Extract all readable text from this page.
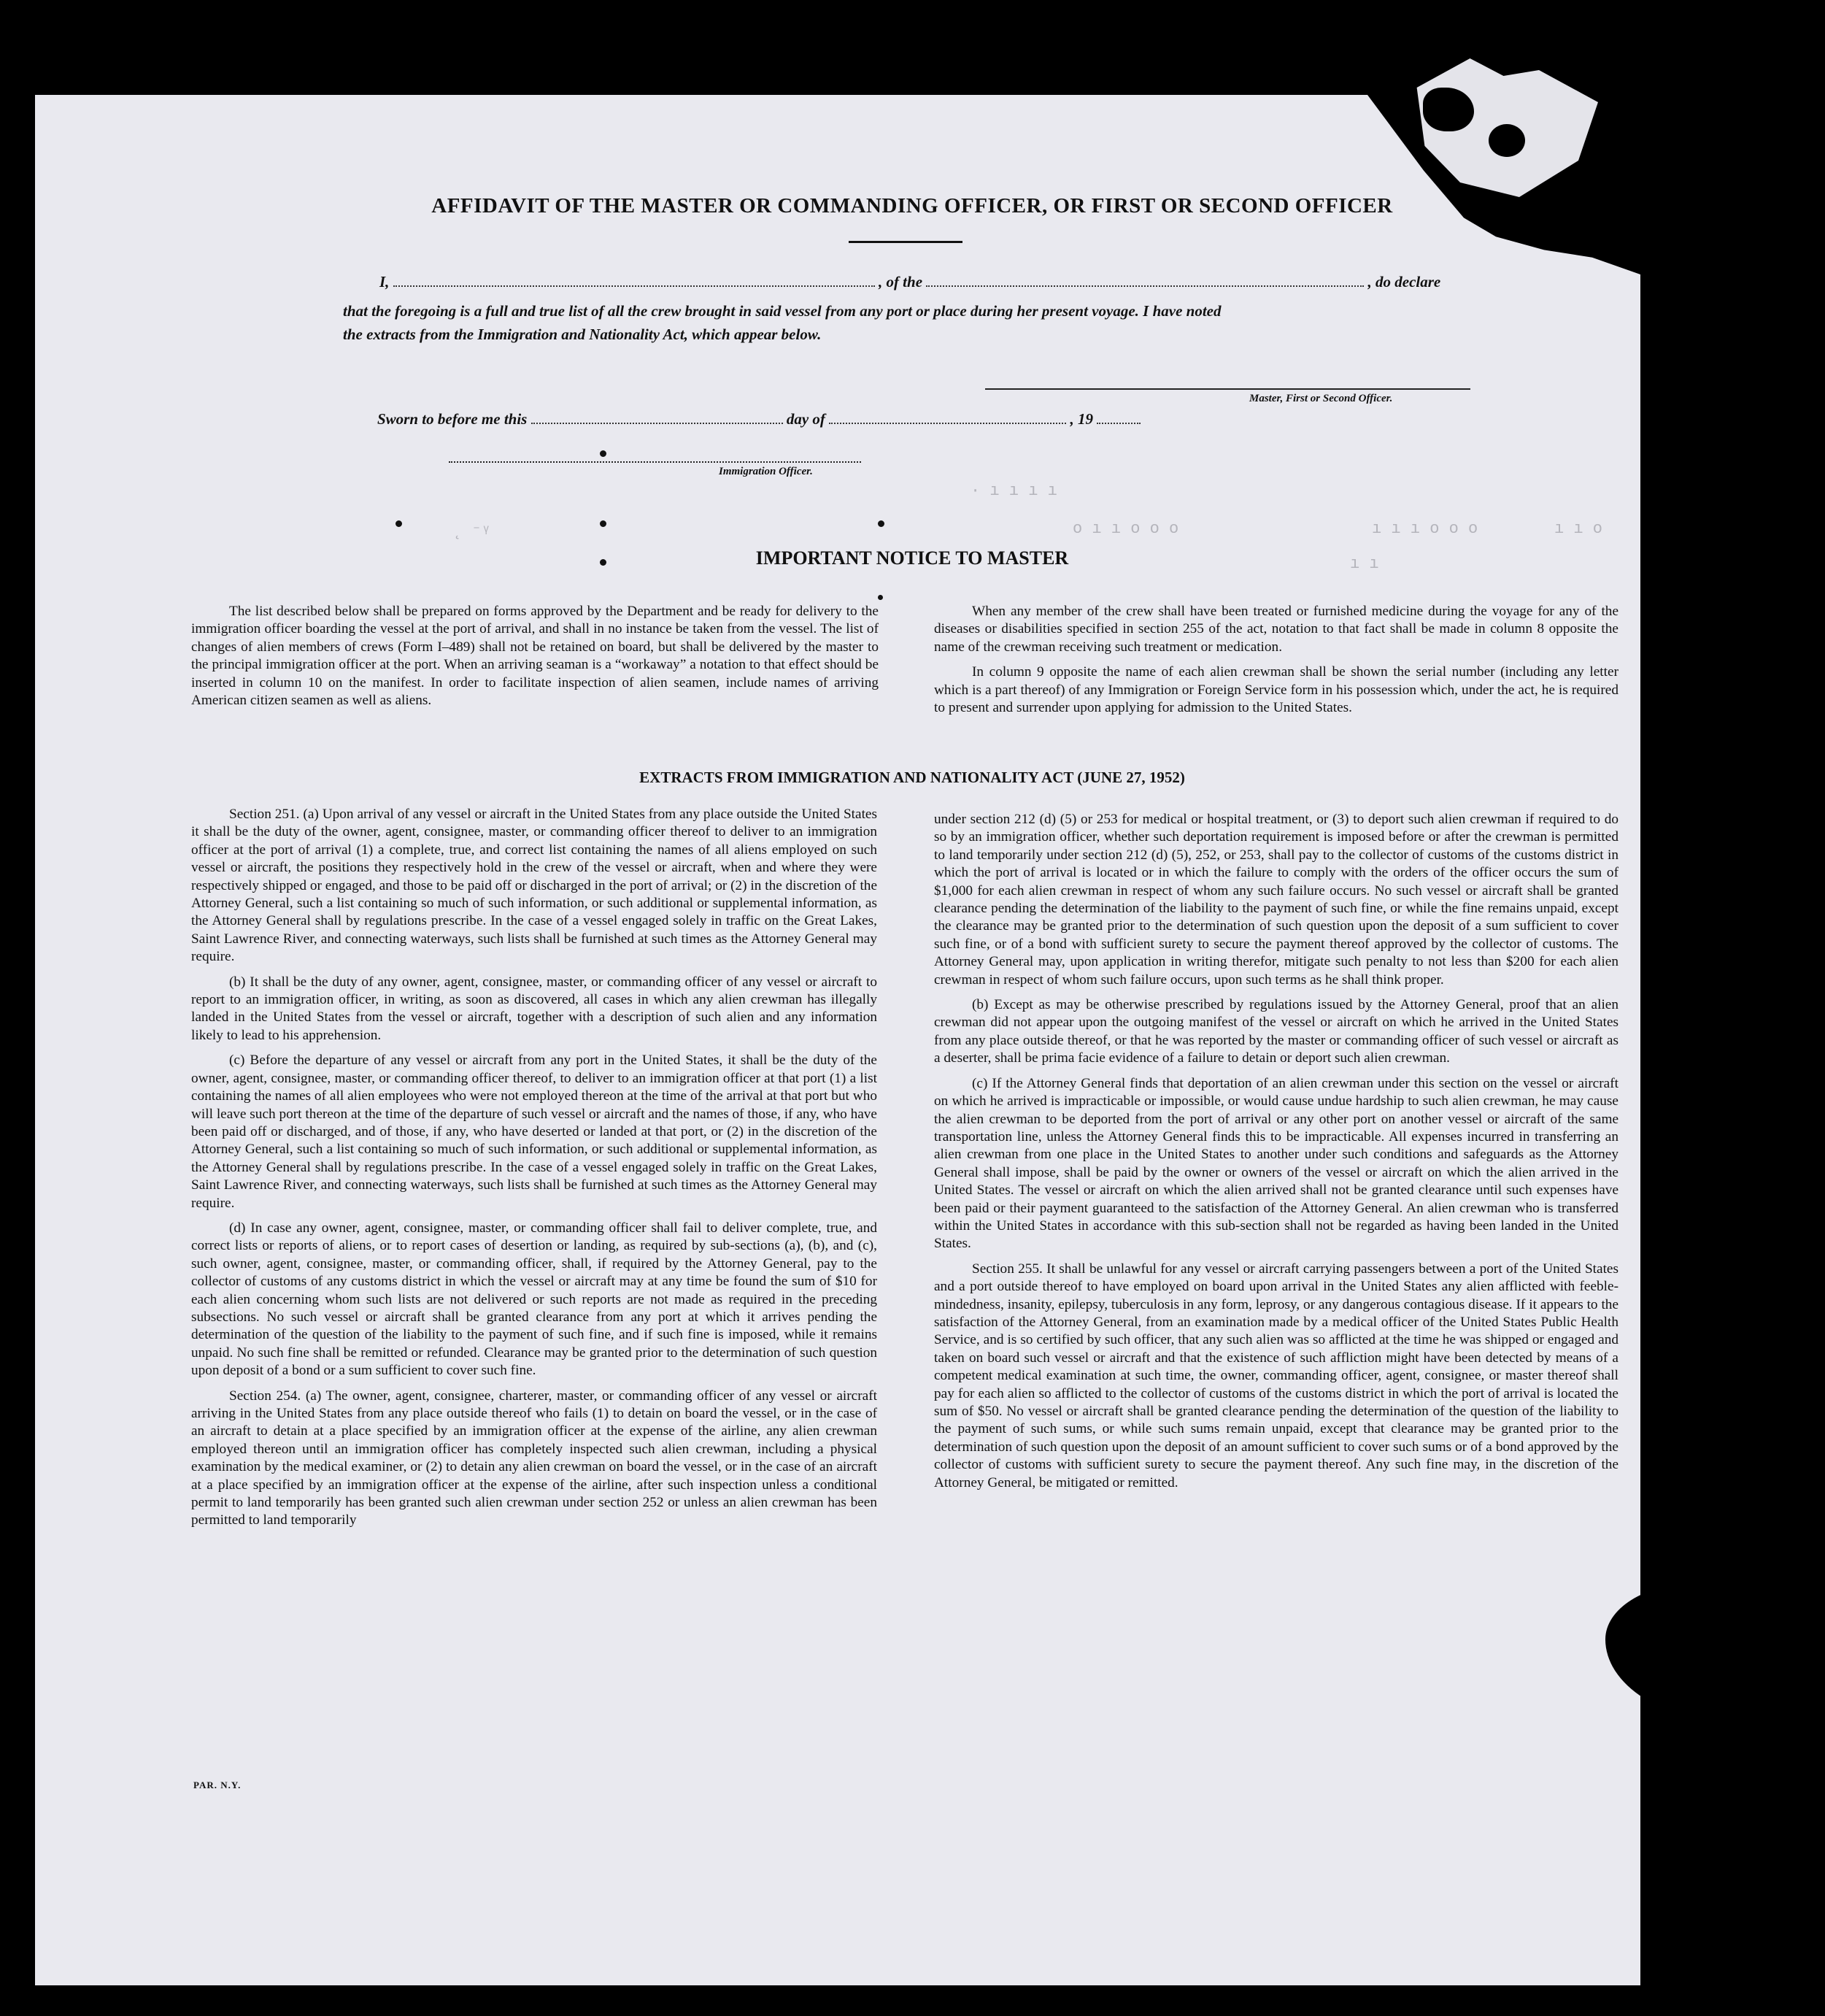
AFFIDAVIT OF THE MASTER OR COMMANDING OFFICER, OR FIRST OR SECOND OFFICER
I,	, of the	, do declare
that the foregoing is a full and true list of all the crew brought in said vessel from any port or place during her present voyage. I have noted
the extracts from the Immigration and Nationality Act, which appear below.
Master, First or Second Officer.
Sworn to before me this	day of	, 19
Immigration Officer.
˛ ⁻ᵞ
· ı ı ı ı
o ı ı o o o	ı ı ı o o o	ı ı o
ı ı
IMPORTANT NOTICE TO MASTER

The list described below shall be prepared on forms approved by the Department and be ready for delivery to the immigration officer boarding the vessel at the port of arrival, and shall in no instance be taken from the vessel. The list of changes of alien members of crews (Form I–489) shall not be retained on board, but shall be delivered by the master to the principal immigration officer at the port. When an arriving seaman is a “workaway” a notation to that effect should be inserted in column 10 on the manifest. In order to facilitate inspection of alien seamen, include names of arriving American citizen seamen as well as aliens.

When any member of the crew shall have been treated or furnished medicine during the voyage for any of the diseases or disabilities specified in section 255 of the act, notation to that fact shall be made in column 8 opposite the name of the crewman receiving such treatment or medication.

In column 9 opposite the name of each alien crewman shall be shown the serial number (including any letter which is a part thereof) of any Immigration or Foreign Service form in his possession which, under the act, he is required to present and surrender upon applying for admission to the United States.

EXTRACTS FROM IMMIGRATION AND NATIONALITY ACT (JUNE 27, 1952)

Section 251. (a) Upon arrival of any vessel or aircraft in the United States from any place outside the United States it shall be the duty of the owner, agent, consignee, master, or commanding officer thereof to deliver to an immigration officer at the port of arrival (1) a complete, true, and correct list containing the names of all aliens employed on such vessel or aircraft, the positions they respectively hold in the crew of the vessel or aircraft, when and where they were respectively shipped or engaged, and those to be paid off or discharged in the port of arrival; or (2) in the discretion of the Attorney General, such a list containing so much of such information, or such additional or supplemental information, as the Attorney General shall by regulations prescribe. In the case of a vessel engaged solely in traffic on the Great Lakes, Saint Lawrence River, and connecting waterways, such lists shall be furnished at such times as the Attorney General may require.

(b) It shall be the duty of any owner, agent, consignee, master, or commanding officer of any vessel or aircraft to report to an immigration officer, in writing, as soon as discovered, all cases in which any alien crewman has illegally landed in the United States from the vessel or aircraft, together with a description of such alien and any information likely to lead to his apprehension.

(c) Before the departure of any vessel or aircraft from any port in the United States, it shall be the duty of the owner, agent, consignee, master, or commanding officer thereof, to deliver to an immigration officer at that port (1) a list containing the names of all alien employees who were not employed thereon at the time of the arrival at that port but who will leave such port thereon at the time of the departure of such vessel or aircraft and the names of those, if any, who have been paid off or discharged, and of those, if any, who have deserted or landed at that port, or (2) in the discretion of the Attorney General, such a list containing so much of such information, or such additional or supplemental information, as the Attorney General shall by regulations prescribe. In the case of a vessel engaged solely in traffic on the Great Lakes, Saint Lawrence River, and connecting waterways, such lists shall be furnished at such times as the Attorney General may require.

(d) In case any owner, agent, consignee, master, or commanding officer shall fail to deliver complete, true, and correct lists or reports of aliens, or to report cases of desertion or landing, as required by sub-sections (a), (b), and (c), such owner, agent, consignee, master, or commanding officer, shall, if required by the Attorney General, pay to the collector of customs of any customs district in which the vessel or aircraft may at any time be found the sum of $10 for each alien concerning whom such lists are not delivered or such reports are not made as required in the preceding subsections. No such vessel or aircraft shall be granted clearance from any port at which it arrives pending the determination of the question of the liability to the payment of such fine, and if such fine is imposed, while it remains unpaid. No such fine shall be remitted or refunded. Clearance may be granted prior to the determination of such question upon deposit of a bond or a sum sufficient to cover such fine.

Section 254. (a) The owner, agent, consignee, charterer, master, or commanding officer of any vessel or aircraft arriving in the United States from any place outside thereof who fails (1) to detain on board the vessel, or in the case of an aircraft to detain at a place specified by an immigration officer at the expense of the airline, any alien crewman employed thereon until an immigration officer has completely inspected such alien crewman, including a physical examination by the medical examiner, or (2) to detain any alien crewman on board the vessel, or in the case of an aircraft at a place specified by an immigration officer at the expense of the airline, after such inspection unless a conditional permit to land temporarily has been granted such alien crewman under section 252 or unless an alien crewman has been permitted to land temporarily

under section 212 (d) (5) or 253 for medical or hospital treatment, or (3) to deport such alien crewman if required to do so by an immigration officer, whether such deportation requirement is imposed before or after the crewman is permitted to land temporarily under section 212 (d) (5), 252, or 253, shall pay to the collector of customs of the customs district in which the port of arrival is located or in which the failure to comply with the orders of the officer occurs the sum of $1,000 for each alien crewman in respect of whom any such failure occurs. No such vessel or aircraft shall be granted clearance pending the determination of the liability to the payment of such fine, or while the fine remains unpaid, except the clearance may be granted prior to the determination of such question upon the deposit of a sum sufficient to cover such fine, or of a bond with sufficient surety to secure the payment thereof approved by the collector of customs. The Attorney General may, upon application in writing therefor, mitigate such penalty to not less than $200 for each alien crewman in respect of whom such failure occurs, upon such terms as he shall think proper.

(b) Except as may be otherwise prescribed by regulations issued by the Attorney General, proof that an alien crewman did not appear upon the outgoing manifest of the vessel or aircraft on which he arrived in the United States from any place outside thereof, or that he was reported by the master or commanding officer of such vessel or aircraft as a deserter, shall be prima facie evidence of a failure to detain or deport such alien crewman.

(c) If the Attorney General finds that deportation of an alien crewman under this section on the vessel or aircraft on which he arrived is impracticable or impossible, or would cause undue hardship to such alien crewman, he may cause the alien crewman to be deported from the port of arrival or any other port on another vessel or aircraft of the same transportation line, unless the Attorney General finds this to be impracticable. All expenses incurred in transferring an alien crewman from one place in the United States to another under such conditions and safeguards as the Attorney General shall impose, shall be paid by the owner or owners of the vessel or aircraft on which the alien arrived in the United States. The vessel or aircraft on which the alien arrived shall not be granted clearance until such expenses have been paid or their payment guaranteed to the satisfaction of the Attorney General. An alien crewman who is transferred within the United States in accordance with this sub-section shall not be regarded as having been landed in the United States.

Section 255. It shall be unlawful for any vessel or aircraft carrying passengers between a port of the United States and a port outside thereof to have employed on board upon arrival in the United States any alien afflicted with feeble-mindedness, insanity, epilepsy, tuberculosis in any form, leprosy, or any dangerous contagious disease. If it appears to the satisfaction of the Attorney General, from an examination made by a medical officer of the United States Public Health Service, and is so certified by such officer, that any such alien was so afflicted at the time he was shipped or engaged and taken on board such vessel or aircraft and that the existence of such affliction might have been detected by means of a competent medical examination at such time, the owner, commanding officer, agent, consignee, or master thereof shall pay for each alien so afflicted to the collector of customs of the customs district in which the port of arrival is located the sum of $50. No vessel or aircraft shall be granted clearance pending the determination of the question of the liability to the payment of such sums, or while such sums remain unpaid, except that clearance may be granted prior to the determination of such question upon the deposit of an amount sufficient to cover such sums or of a bond approved by the collector of customs with sufficient surety to secure the payment thereof. Any such fine may, in the discretion of the Attorney General, be mitigated or remitted.

PAR. N.Y.
